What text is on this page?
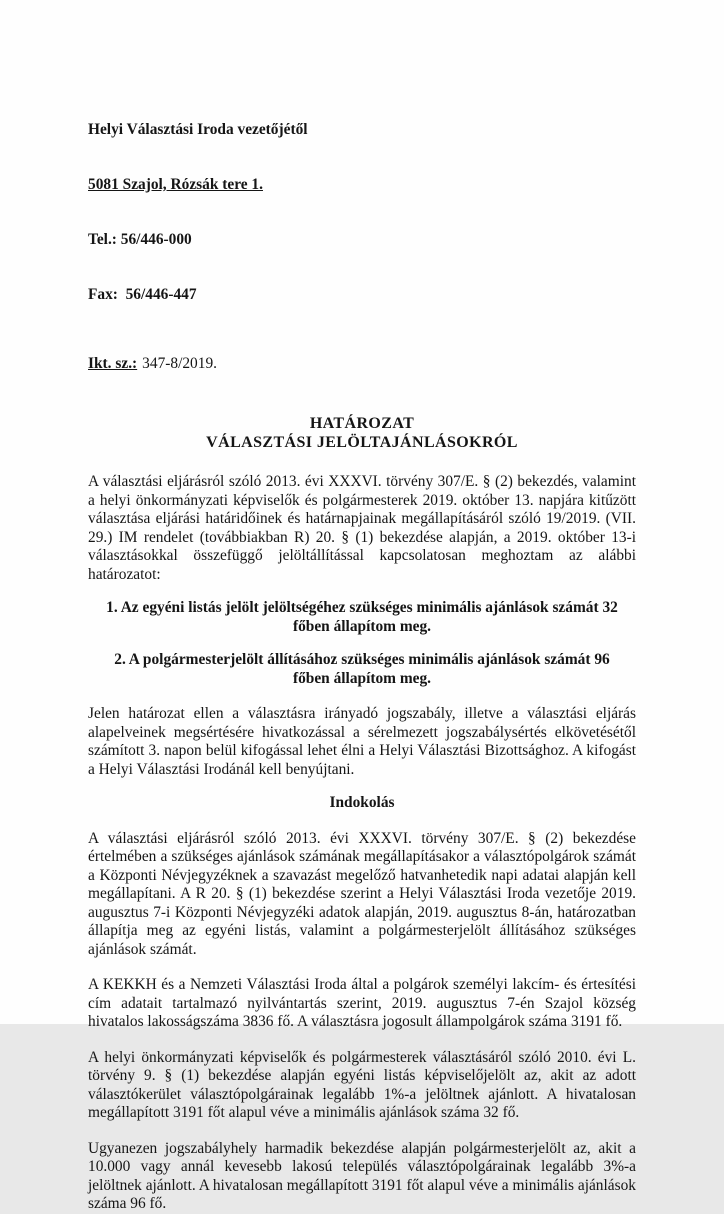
Helyi Választási Iroda vezetőjétől

5081 Szajol, Rózsák tere 1.

Tel.: 56/446-000

Fax:  56/446-447

Ikt. sz.: 347-8/2019.
HATÁROZAT
VÁLASZTÁSI JELÖLTAJÁNLÁSOKRÓL

A választási eljárásról szóló 2013. évi XXXVI. törvény 307/E. § (2) bekezdés, valamint a helyi önkormányzati képviselők és polgármesterek 2019. október 13. napjára kitűzött választása eljárási határidőinek és határnapjainak megállapításáról szóló 19/2019. (VII. 29.) IM rendelet (továbbiakban R) 20. § (1) bekezdése alapján, a 2019. október 13-i választásokkal összefüggő jelöltállítással kapcsolatosan meghoztam az alábbi határozatot:

1. Az egyéni listás jelölt jelöltségéhez szükséges minimális ajánlások számát 32 főben állapítom meg.

2. A polgármesterjelölt állításához szükséges minimális ajánlások számát 96 főben állapítom meg.

Jelen határozat ellen a választásra irányadó jogszabály, illetve a választási eljárás alapelveinek megsértésére hivatkozással a sérelmezett jogszabálysértés elkövetésétől számított 3. napon belül kifogással lehet élni a Helyi Választási Bizottsághoz. A kifogást a Helyi Választási Irodánál kell benyújtani.

Indokolás

A választási eljárásról szóló 2013. évi XXXVI. törvény 307/E. § (2) bekezdése értelmében a szükséges ajánlások számának megállapításakor a választópolgárok számát a Központi Névjegyzéknek a szavazást megelőző hatvanhetedik napi adatai alapján kell megállapítani. A R 20. § (1) bekezdése szerint a Helyi Választási Iroda vezetője 2019. augusztus 7-i Központi Névjegyzéki adatok alapján, 2019. augusztus 8-án, határozatban állapítja meg az egyéni listás, valamint a polgármesterjelölt állításához szükséges ajánlások számát.

A KEKKH és a Nemzeti Választási Iroda által a polgárok személyi lakcím- és értesítési cím adatait tartalmazó nyilvántartás szerint, 2019. augusztus 7-én Szajol község hivatalos lakosságszáma 3836 fő. A választásra jogosult állampolgárok száma 3191 fő.

A helyi önkormányzati képviselők és polgármesterek választásáról szóló 2010. évi L. törvény 9. § (1) bekezdése alapján egyéni listás képviselőjelölt az, akit az adott választókerület választópolgárainak legalább 1%-a jelöltnek ajánlott. A hivatalosan megállapított 3191 főt alapul véve a minimális ajánlások száma 32 fő.

Ugyanezen jogszabályhely harmadik bekezdése alapján polgármesterjelölt az, akit a 10.000 vagy annál kevesebb lakosú település választópolgárainak legalább 3%-a jelöltnek ajánlott. A hivatalosan megállapított 3191 főt alapul véve a minimális ajánlások száma 96 fő.
